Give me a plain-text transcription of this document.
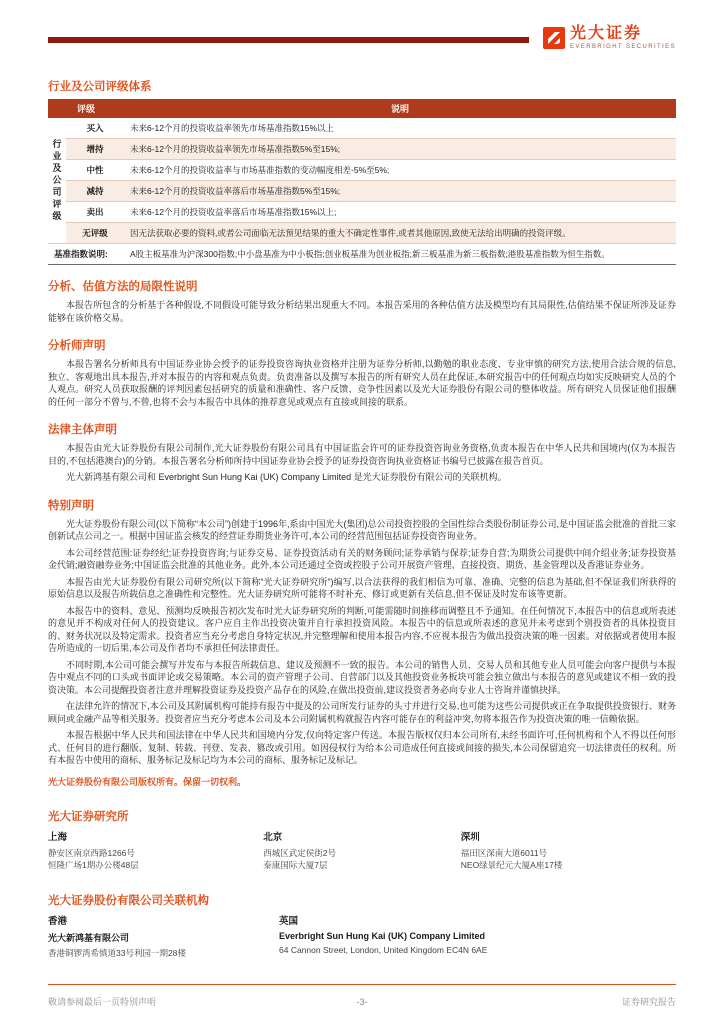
光大证券
EVERBRIGHT SECURITIES
行业及公司评级体系
评级		说明
行业及公司评级	买入	未来6-12个月的投资收益率领先市场基准指数15%以上
	增持	未来6-12个月的投资收益率领先市场基准指数5%至15%;
	中性	未来6-12个月的投资收益率与市场基准指数的变动幅度相差-5%至5%;
	减持	未来6-12个月的投资收益率落后市场基准指数5%至15%;
	卖出	未来6-12个月的投资收益率落后市场基准指数15%以上;
	无评级	因无法获取必要的资料,或者公司面临无法预见结果的重大不确定性事件,或者其他原因,致使无法给出明确的投资评级。
基准指数说明:		A股主板基准为沪深300指数;中小盘基准为中小板指;创业板基准为创业板指;新三板基准为新三板指数;港股基准指数为恒生指数。
分析、估值方法的局限性说明

本报告所包含的分析基于各种假设,不同假设可能导致分析结果出现重大不同。本报告采用的各种估值方法及模型均有其局限性,估值结果不保证所涉及证券能够在该价格交易。

分析师声明

本报告署名分析师具有中国证券业协会授予的证券投资咨询执业资格并注册为证券分析师,以勤勉的职业态度、专业审慎的研究方法,使用合法合规的信息,独立、客观地出具本报告,并对本报告的内容和观点负责。负责准备以及撰写本报告的所有研究人员在此保证,本研究报告中的任何观点均如实反映研究人员的个人观点。研究人员获取报酬的评判因素包括研究的质量和准确性、客户反馈、竞争性因素以及光大证券股份有限公司的整体收益。所有研究人员保证他们报酬的任何一部分不曾与,不曾,也将不会与本报告中具体的推荐意见或观点有直接或间接的联系。

法律主体声明

本报告由光大证券股份有限公司制作,光大证券股份有限公司具有中国证监会许可的证券投资咨询业务资格,负责本报告在中华人民共和国境内(仅为本报告目的,不包括港澳台)的分销。本报告署名分析师所持中国证券业协会授予的证券投资咨询执业资格证书编号已披露在报告首页。

光大新鸿基有限公司和 Everbright Sun Hung Kai (UK) Company Limited 是光大证券股份有限公司的关联机构。

特别声明

光大证券股份有限公司(以下简称“本公司”)创建于1996年,系由中国光大(集团)总公司投资控股的全国性综合类股份制证券公司,是中国证监会批准的首批三家创新试点公司之一。根据中国证监会核发的经营证券期货业务许可,本公司的经营范围包括证券投资咨询业务。

本公司经营范围:证券经纪;证券投资咨询;与证券交易、证券投资活动有关的财务顾问;证券承销与保荐;证券自营;为期货公司提供中间介绍业务;证券投资基金代销;融资融券业务;中国证监会批准的其他业务。此外,本公司还通过全资或控股子公司开展资产管理、直接投资、期货、基金管理以及香港证券业务。

本报告由光大证券股份有限公司研究所(以下简称“光大证券研究所”)编写,以合法获得的我们相信为可靠、准确、完整的信息为基础,但不保证我们所获得的原始信息以及报告所载信息之准确性和完整性。光大证券研究所可能将不时补充、修订或更新有关信息,但不保证及时发布该等更新。

本报告中的资料、意见、预测均反映报告初次发布时光大证券研究所的判断,可能需随时间推移而调整且不予通知。在任何情况下,本报告中的信息或所表述的意见并不构成对任何人的投资建议。客户应自主作出投资决策并自行承担投资风险。本报告中的信息或所表述的意见并未考虑到个别投资者的具体投资目的、财务状况以及特定需求。投资者应当充分考虑自身特定状况,并完整理解和使用本报告内容,不应视本报告为做出投资决策的唯一因素。对依据或者使用本报告所造成的一切后果,本公司及作者均不承担任何法律责任。

不同时期,本公司可能会撰写并发布与本报告所载信息、建议及预测不一致的报告。本公司的销售人员、交易人员和其他专业人员可能会向客户提供与本报告中观点不同的口头或书面评论或交易策略。本公司的资产管理子公司、自营部门以及其他投资业务板块可能会独立做出与本报告的意见或建议不相一致的投资决策。本公司提醒投资者注意并理解投资证券及投资产品存在的风险,在做出投资前,建议投资者务必向专业人士咨询并谨慎抉择。

在法律允许的情况下,本公司及其附属机构可能持有报告中提及的公司所发行证券的头寸并进行交易,也可能为这些公司提供或正在争取提供投资银行、财务顾问或金融产品等相关服务。投资者应当充分考虑本公司及本公司附属机构就报告内容可能存在的利益冲突,勿将本报告作为投资决策的唯一信赖依据。

本报告根据中华人民共和国法律在中华人民共和国境内分发,仅向特定客户传送。本报告版权仅归本公司所有,未经书面许可,任何机构和个人不得以任何形式、任何目的进行翻版、复制、转载、刊登、发表、篡改或引用。如因侵权行为给本公司造成任何直接或间接的损失,本公司保留追究一切法律责任的权利。所有本报告中使用的商标、服务标记及标记均为本公司的商标、服务标记及标记。

光大证券股份有限公司版权所有。保留一切权利。

光大证券研究所
上海
静安区南京西路1266号
恒隆广场1期办公楼48层
北京
西城区武定侯街2号
泰康国际大厦7层
深圳
福田区深南大道6011号
NEO绿景纪元大厦A座17楼
光大证券股份有限公司关联机构
香港
光大新鸿基有限公司
香港铜锣湾希慎道33号利园一期28楼
英国
Everbright Sun Hung Kai (UK) Company Limited
64 Cannon Street, London, United Kingdom EC4N 6AE
敬请参阅最后一页特别声明	-3-	证券研究报告
